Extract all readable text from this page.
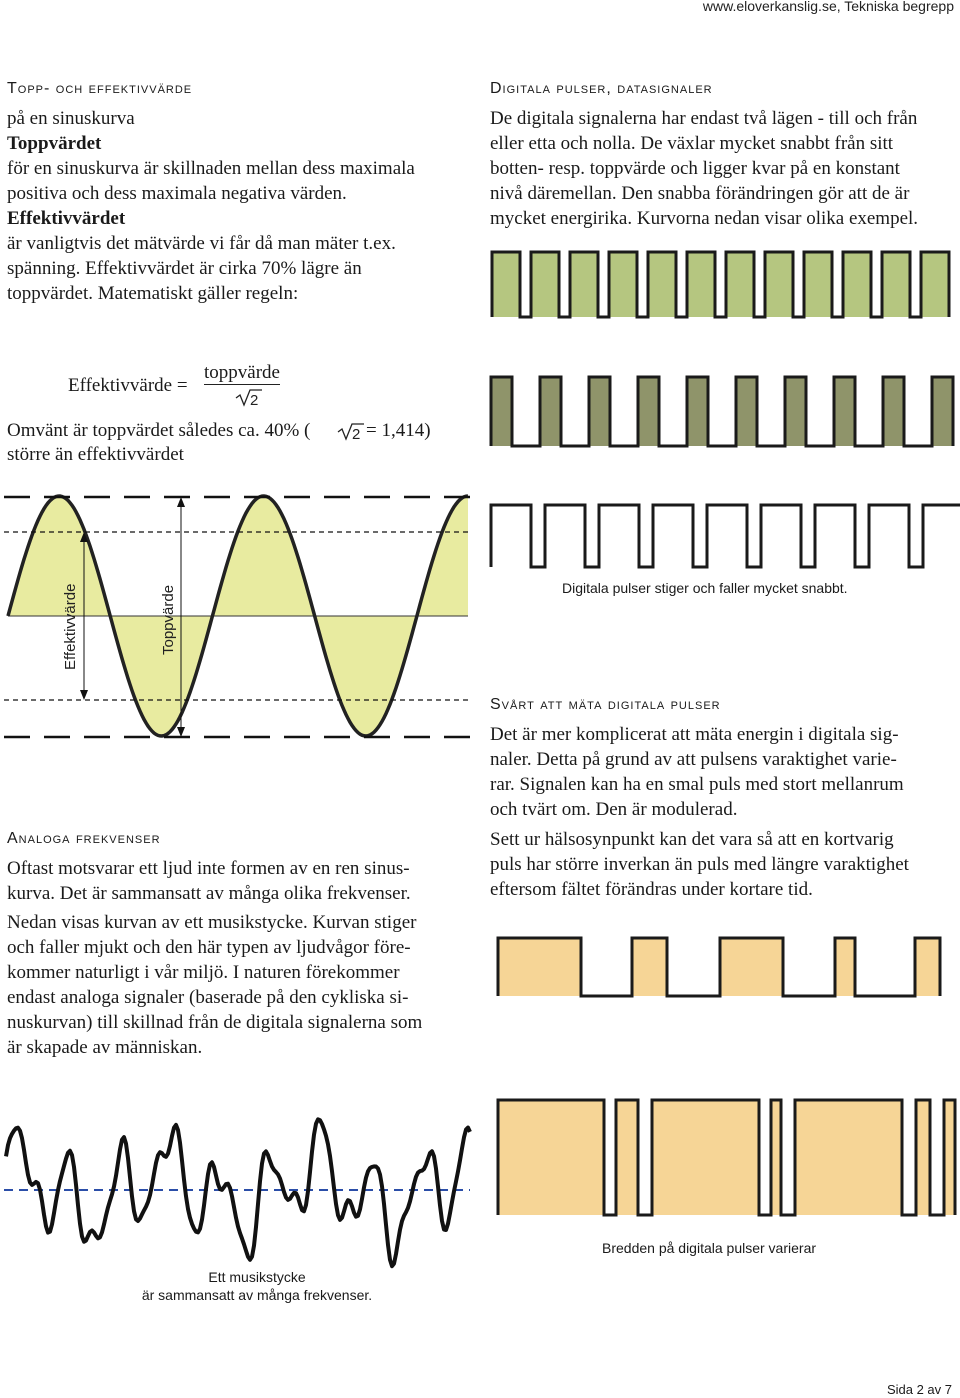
www.eloverkanslig.se, Tekniska begrepp
Topp- och effektivvärde

på en sinuskurva

Toppvärdet

för en sinuskurva är skillnaden mellan dess maximala

positiva och dess maximala negativa värden.

Effektivvärdet

är vanligtvis det mätvärde vi får då man mäter t.ex.

spänning. Effektivvärdet är cirka 70% lägre än

toppvärdet. Matematiskt gäller regeln:

Effektivvärde =
toppvärde
Omvänt är toppvärdet således ca. 40% (	= 1,414)
större än effektivvärdet
Analoga frekvenser

Oftast motsvarar ett ljud inte formen av en ren sinus-

kurva. Det är sammansatt av många olika frekvenser.

Nedan visas kurvan av ett musikstycke. Kurvan stiger

och faller mjukt och den här typen av ljudvågor före-

kommer naturligt i vår miljö. I naturen förekommer

endast analoga signaler (baserade på den cykliska si-

nuskurvan) till skillnad från de digitala signalerna som

är skapade av människan.

Ett musikstycke
är sammansatt av många frekvenser.
Digitala pulser, datasignaler

De digitala signalerna har endast två lägen - till och från

eller etta och nolla. De växlar mycket snabbt från sitt

botten- resp. toppvärde och ligger kvar på en konstant

nivå däremellan. Den snabba förändringen gör att de är

mycket energirika. Kurvorna nedan visar olika exempel.

Digitala pulser stiger och faller mycket snabbt.
Svårt att mäta digitala pulser

Det är mer komplicerat att mäta energin i digitala sig-

naler. Detta på grund av att pulsens varaktighet varie-

rar. Signalen kan ha en smal puls med stort mellanrum

och tvärt om. Den är modulerad.

Sett ur hälsosynpunkt kan det vara så att en kortvarig

puls har större inverkan än puls med längre varaktighet

eftersom fältet förändras under kortare tid.

Bredden på digitala pulser varierar
Sida 2 av 7
2
2
Effektivvärde	Toppvärde
